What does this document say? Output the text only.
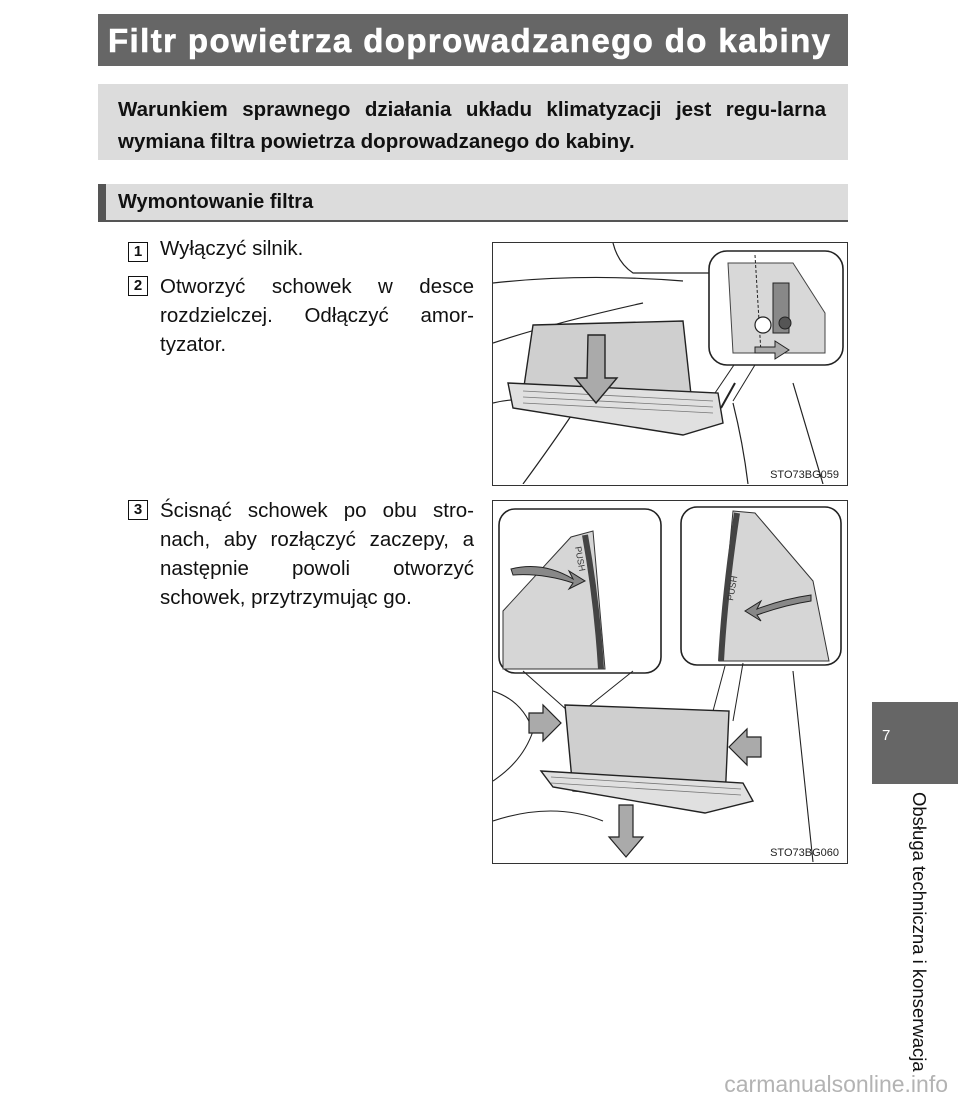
Filtr powietrza doprowadzanego do kabiny
Warunkiem sprawnego działania układu klimatyzacji jest regu-larna wymiana filtra powietrza doprowadzanego do kabiny.
Wymontowanie filtra
1 Wyłączyć silnik.
2 Otworzyć schowek w desce rozdzielczej. Odłączyć amor-tyzator.
3 Ścisnąć schowek po obu stro-nach, aby rozłączyć zaczepy, a następnie powoli otworzyć schowek, przytrzymując go.
STO73BG059
PUSH
PUSH
STO73BG060
7
Obsługa techniczna i konserwacja
carmanualsonline.info
